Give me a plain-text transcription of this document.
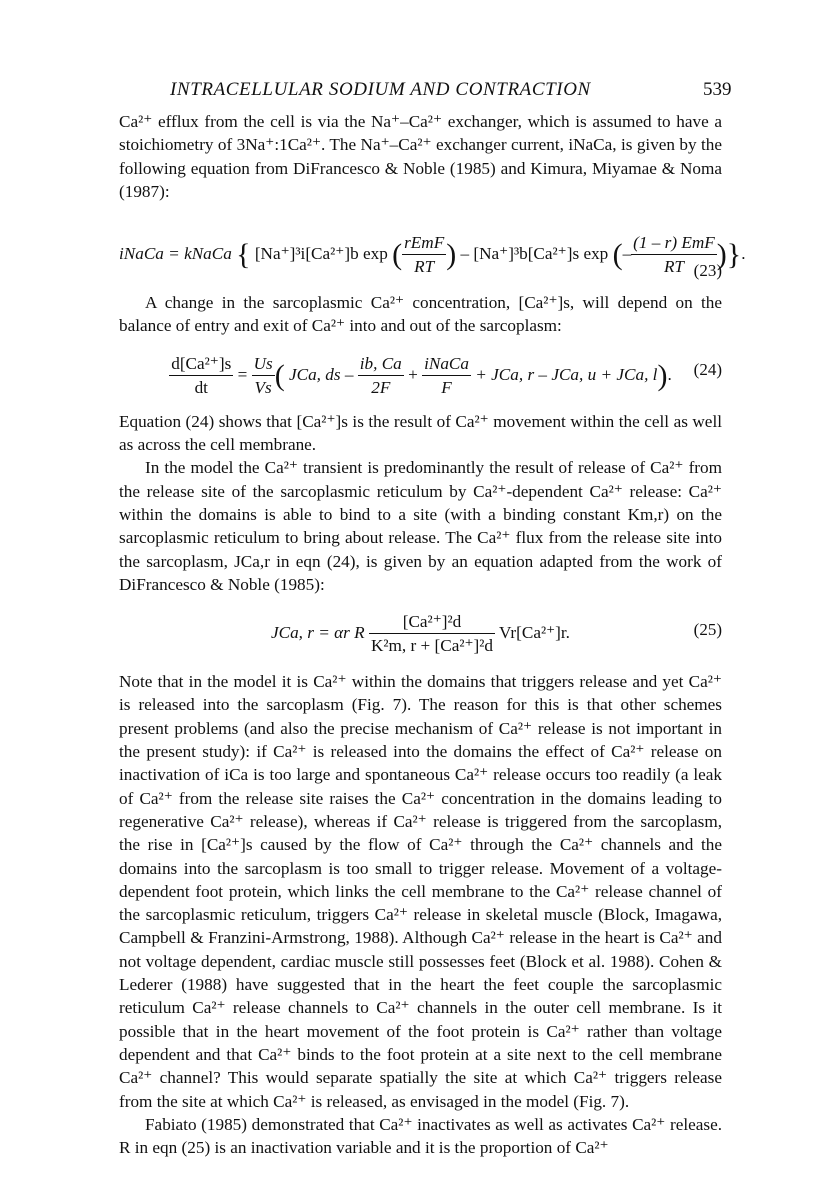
INTRACELLULAR SODIUM AND CONTRACTION	539

Ca²⁺ efflux from the cell is via the Na⁺–Ca²⁺ exchanger, which is assumed to have a stoichiometry of 3Na⁺:1Ca²⁺. The Na⁺–Ca²⁺ exchanger current, iNaCa, is given by the following equation from DiFrancesco & Noble (1985) and Kimura, Miyamae & Noma (1987):

iNaCa = kNaCa { [Na⁺]³i[Ca²⁺]b exp ( $\frac{\text{rEmF}}{RT}$ ) – [Na⁺]³b[Ca²⁺]s exp (– $\frac{\text{(1 – r) EmF}}{RT}$ )}.
(23)

A change in the sarcoplasmic Ca²⁺ concentration, [Ca²⁺]s, will depend on the balance of entry and exit of Ca²⁺ into and out of the sarcoplasm:

$\frac{\text{d[Ca²⁺]s}}{dt} = \frac{Us}{Vs}$ ( JCa, ds – $\frac{ib, Ca}{2F} + \frac{\text{iNaCa}}{F}$ + JCa, r – JCa, u + JCa, l).	(24)

Equation (24) shows that [Ca²⁺]s is the result of Ca²⁺ movement within the cell as well as across the cell membrane.

In the model the Ca²⁺ transient is predominantly the result of release of Ca²⁺ from the release site of the sarcoplasmic reticulum by Ca²⁺-dependent Ca²⁺ release: Ca²⁺ within the domains is able to bind to a site (with a binding constant Km,r) on the sarcoplasmic reticulum to bring about release. The Ca²⁺ flux from the release site into the sarcoplasm, JCa,r in eqn (24), is given by an equation adapted from the work of DiFrancesco & Noble (1985):

JCa, r = αr R $\frac{\text{[Ca²⁺]²d}}{\text{K²m, r + [Ca²⁺]²d}} Vr[Ca^{2+}]r$.	(25)

Note that in the model it is Ca²⁺ within the domains that triggers release and yet Ca²⁺ is released into the sarcoplasm (Fig. 7). The reason for this is that other schemes present problems (and also the precise mechanism of Ca²⁺ release is not important in the present study): if Ca²⁺ is released into the domains the effect of Ca²⁺ release on inactivation of iCa is too large and spontaneous Ca²⁺ release occurs too readily (a leak of Ca²⁺ from the release site raises the Ca²⁺ concentration in the domains leading to regenerative Ca²⁺ release), whereas if Ca²⁺ release is triggered from the sarcoplasm, the rise in [Ca²⁺]s caused by the flow of Ca²⁺ through the Ca²⁺ channels and the domains into the sarcoplasm is too small to trigger release. Movement of a voltage-dependent foot protein, which links the cell membrane to the Ca²⁺ release channel of the sarcoplasmic reticulum, triggers Ca²⁺ release in skeletal muscle (Block, Imagawa, Campbell & Franzini-Armstrong, 1988). Although Ca²⁺ release in the heart is Ca²⁺ and not voltage dependent, cardiac muscle still possesses feet (Block et al. 1988). Cohen & Lederer (1988) have suggested that in the heart the feet couple the sarcoplasmic reticulum Ca²⁺ release channels to Ca²⁺ channels in the outer cell membrane. Is it possible that in the heart movement of the foot protein is Ca²⁺ rather than voltage dependent and that Ca²⁺ binds to the foot protein at a site next to the cell membrane Ca²⁺ channel? This would separate spatially the site at which Ca²⁺ triggers release from the site at which Ca²⁺ is released, as envisaged in the model (Fig. 7).

Fabiato (1985) demonstrated that Ca²⁺ inactivates as well as activates Ca²⁺ release. R in eqn (25) is an inactivation variable and it is the proportion of Ca²⁺
